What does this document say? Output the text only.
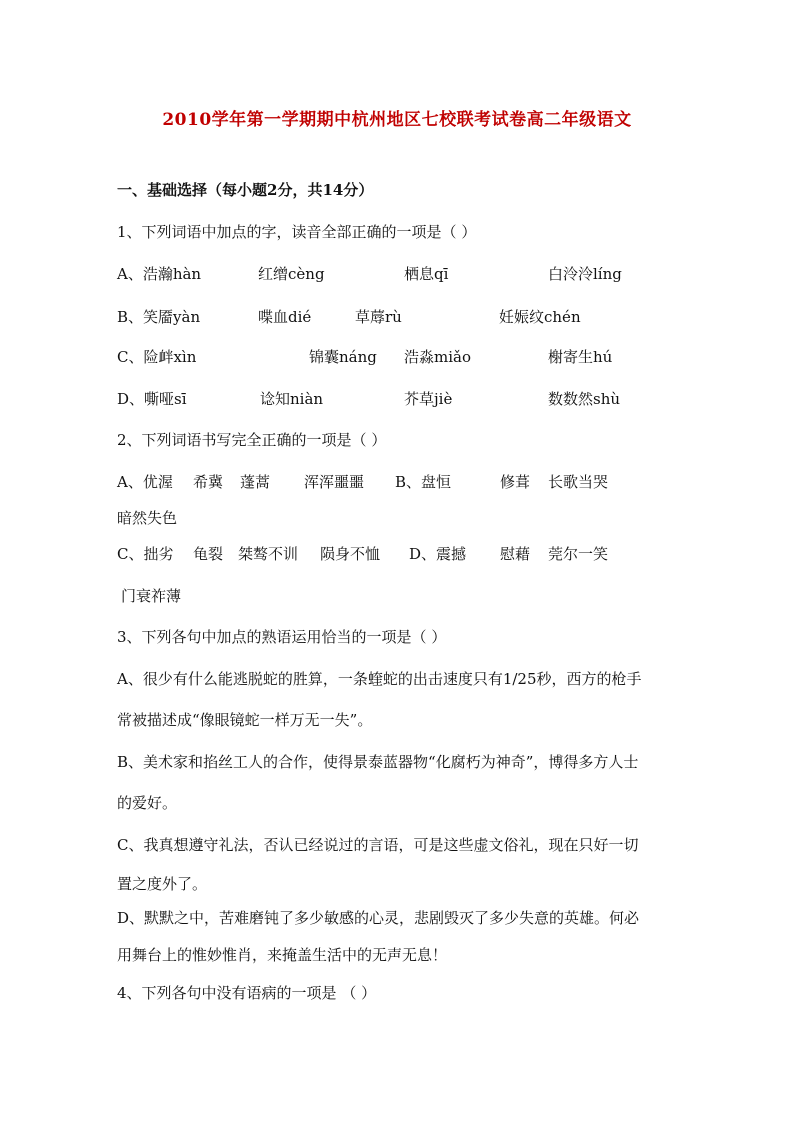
2010学年第一学期期中杭州地区七校联考试卷高二年级语文
一、基础选择（每小题2分，共14分）
1、下列词语中加点的字，读音全部正确的一项是（ ）
A、浩瀚hàn	红缯cèng	栖息qī	白泠泠líng
B、笑靥yàn	喋血dié	草蓐rù	妊娠纹chén
C、险衅xìn	锦囊náng 浩淼miǎo	榭寄生hú
D、嘶哑sī	谂知niàn	芥草jiè	数数然shù
2、下列词语书写完全正确的一项是（ ）
A、优渥 希冀 蓬蒿 浑浑噩噩 B、盘恒	修葺 长歌当哭
暗然失色
C、拙劣 龟裂 桀骜不训 陨身不恤 D、震撼 慰藉 莞尔一笑
门衰祚薄
3、下列各句中加点的熟语运用恰当的一项是（ ）
A、很少有什么能逃脱蛇的胜算，一条蝰蛇的出击速度只有1/25秒，西方的枪手
常被描述成“像眼镜蛇一样万无一失”。
B、美术家和掐丝工人的合作，使得景泰蓝器物“化腐朽为神奇”，博得多方人士
的爱好。
C、我真想遵守礼法，否认已经说过的言语，可是这些虚文俗礼，现在只好一切
置之度外了。
D、默默之中，苦难磨钝了多少敏感的心灵，悲剧毁灭了多少失意的英雄。何必
用舞台上的惟妙惟肖，来掩盖生活中的无声无息！
4、下列各句中没有语病的一项是 （ ）
